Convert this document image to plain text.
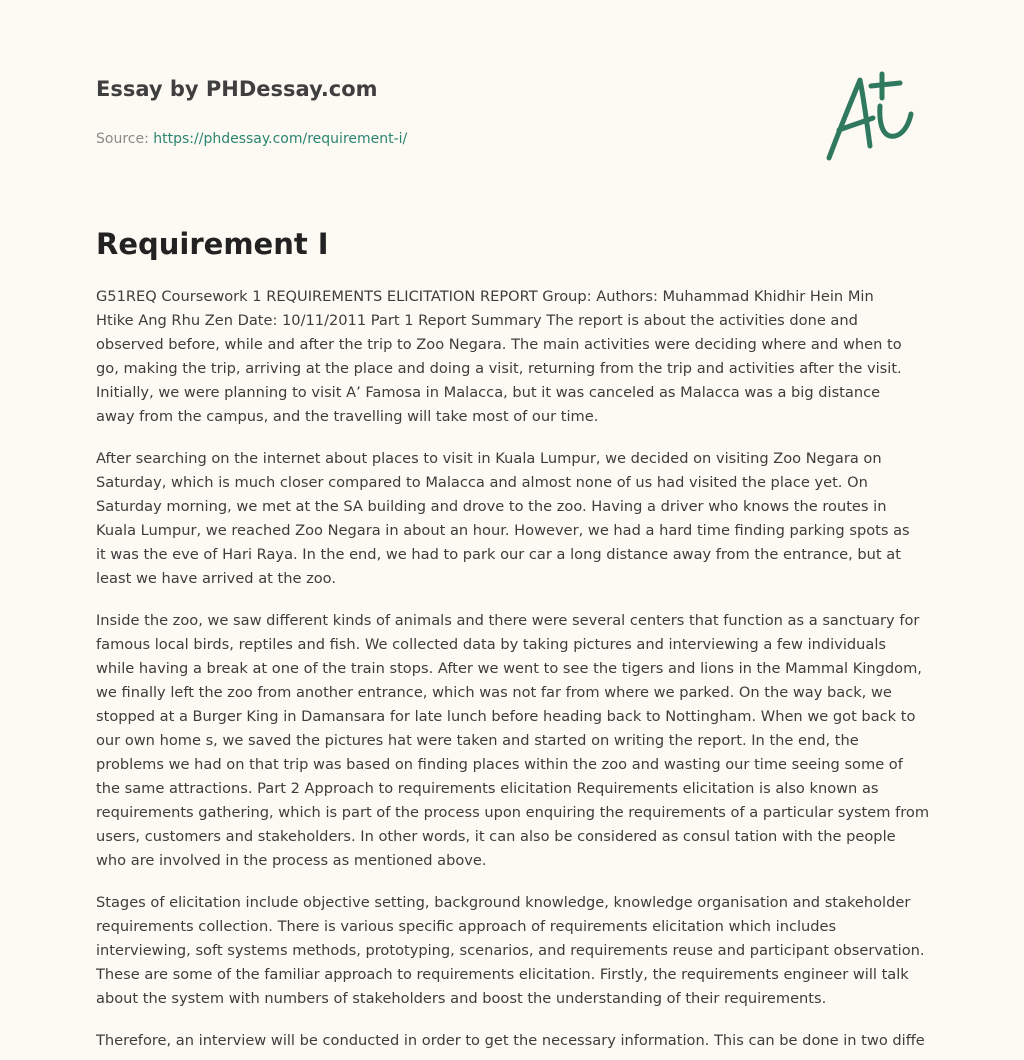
Essay by PHDessay.com
Source: https://phdessay.com/requirement-i/
Requirement I

G51REQ Coursework 1 REQUIREMENTS ELICITATION REPORT Group: Authors: Muhammad Khidhir Hein Min
Htike Ang Rhu Zen Date: 10/11/2011 Part 1 Report Summary The report is about the activities done and
observed before, while and after the trip to Zoo Negara. The main activities were deciding where and when to
go, making the trip, arriving at the place and doing a visit, returning from the trip and activities after the visit.
Initially, we were planning to visit A’ Famosa in Malacca, but it was canceled as Malacca was a big distance
away from the campus, and the travelling will take most of our time.

After searching on the internet about places to visit in Kuala Lumpur, we decided on visiting Zoo Negara on
Saturday, which is much closer compared to Malacca and almost none of us had visited the place yet. On
Saturday morning, we met at the SA building and drove to the zoo. Having a driver who knows the routes in
Kuala Lumpur, we reached Zoo Negara in about an hour. However, we had a hard time finding parking spots as
it was the eve of Hari Raya. In the end, we had to park our car a long distance away from the entrance, but at
least we have arrived at the zoo.

Inside the zoo, we saw different kinds of animals and there were several centers that function as a sanctuary for
famous local birds, reptiles and fish. We collected data by taking pictures and interviewing a few individuals
while having a break at one of the train stops. After we went to see the tigers and lions in the Mammal Kingdom,
we finally left the zoo from another entrance, which was not far from where we parked. On the way back, we
stopped at a Burger King in Damansara for late lunch before heading back to Nottingham. When we got back to
our own home s, we saved the pictures hat were taken and started on writing the report. In the end, the
problems we had on that trip was based on finding places within the zoo and wasting our time seeing some of
the same attractions. Part 2 Approach to requirements elicitation Requirements elicitation is also known as
requirements gathering, which is part of the process upon enquiring the requirements of a particular system from
users, customers and stakeholders. In other words, it can also be considered as consul tation with the people
who are involved in the process as mentioned above.

Stages of elicitation include objective setting, background knowledge, knowledge organisation and stakeholder
requirements collection. There is various specific approach of requirements elicitation which includes
interviewing, soft systems methods, prototyping, scenarios, and requirements reuse and participant observation.
These are some of the familiar approach to requirements elicitation. Firstly, the requirements engineer will talk
about the system with numbers of stakeholders and boost the understanding of their requirements.

Therefore, an interview will be conducted in order to get the necessary information. This can be done in two diffe
